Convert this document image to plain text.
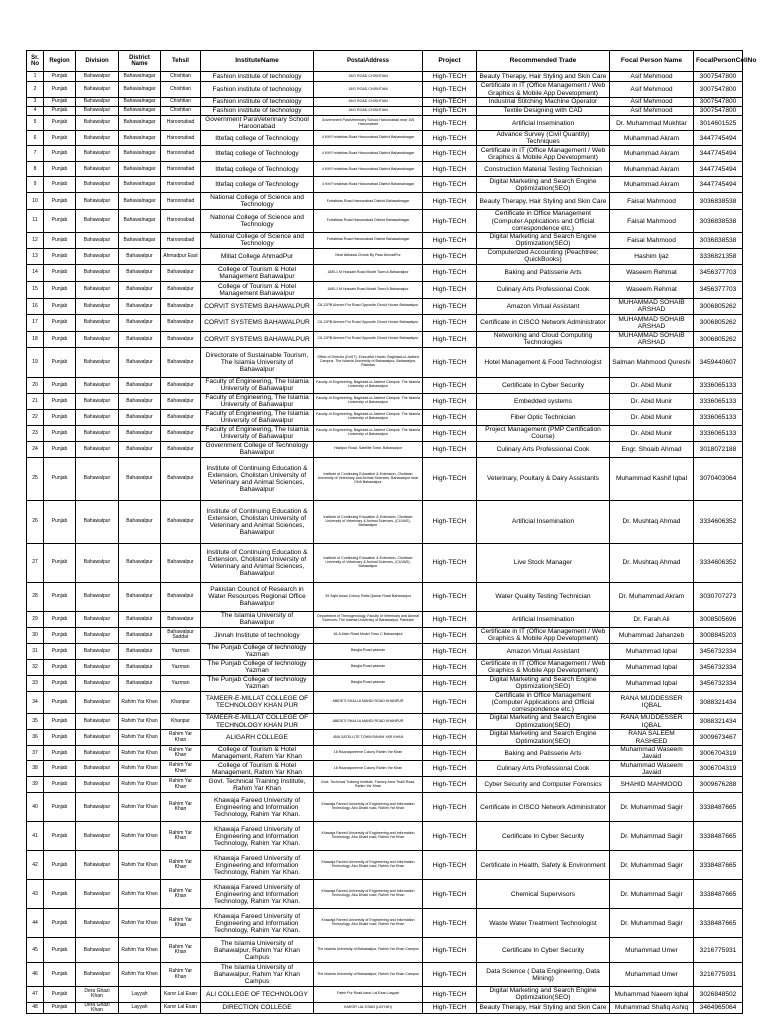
Sr. No	Region	Division	District Name	Tehsil	InstituteName	PostalAddress	Project	Recommended Trade	Focal Person Name	FocalPersonCellNo
1	Punjab	Bahawalpur	Bahawalnagar	Chishtian	Fashion institute of technology	15/G ROAD CHISHTIAN	High-TECH	Beauty Therapy, Hair Styling and Skin Care	Asif Mehmood	3007547800
2	Punjab	Bahawalpur	Bahawalnagar	Chishtian	Fashion institute of technology	15/G ROAD CHISHTIAN	High-TECH	Certificate in IT (Office Management / Web Graphics & Mobile App Development)	Asif Mehmood	3007547800
3	Punjab	Bahawalpur	Bahawalnagar	Chishtian	Fashion institute of technology	15/G ROAD CHISHTIAN	High-TECH	Industrial Stitching Machine Operator	Asif Mehmood	3007547800
4	Punjab	Bahawalpur	Bahawalnagar	Chishtian	Fashion institute of technology	15/G ROAD CHISHTIAN	High-TECH	Textile Designing with CAD	Asif Mehmood	3007547800
5	Punjab	Bahawalpur	Bahawalnagar	Haroonabad	Government ParaVeterinary School Haroonabad	Government ParaVeterinary School Haroonabad near 105 Haroonabad	High-TECH	Artificial Insemination	Dr. Muhammad Mukhtar	3014601525
6	Punjab	Bahawalpur	Bahawalnagar	Haroonabad	Ittefaq college of Technology	4 KM Fortabbas Road Haroonabad District Bahawalnagar	High-TECH	Advance Survey (Civil Quantity) Techniques	Muhammad Akram	3447745494
7	Punjab	Bahawalpur	Bahawalnagar	Haroonabad	Ittefaq college of Technology	4 KM Fortabbas Road Haroonabad District Bahawalnagar	High-TECH	Certificate in IT (Office Management / Web Graphics & Mobile App Development)	Muhammad Akram	3447745494
8	Punjab	Bahawalpur	Bahawalnagar	Haroonabad	Ittefaq college of Technology	4 KM Fortabbas Road Haroonabad District Bahawalnagar	High-TECH	Construction Material Testing Technician	Muhammad Akram	3447745494
9	Punjab	Bahawalpur	Bahawalnagar	Haroonabad	Ittefaq college of Technology	4 KM Fortabbas Road Haroonabad District Bahawalnagar	High-TECH	Digital Marketing and Search Engine Optimization(SEO)	Muhammad Akram	3447745494
10	Punjab	Bahawalpur	Bahawalnagar	Haroonabad	National College of Science and Technology	Fortabbas Road Haroonabad District Bahawalnagar	High-TECH	Beauty Therapy, Hair Styling and Skin Care	Faisal Mahmood	3036838538
11	Punjab	Bahawalpur	Bahawalnagar	Haroonabad	National College of Science and Technology	Fortabbas Road Haroonabad District Bahawalnagar	High-TECH	Certificate in Office Management (Computer Applications and Official correspondence etc.)	Faisal Mahmood	3036838538
12	Punjab	Bahawalpur	Bahawalnagar	Haroonabad	National College of Science and Technology	Fortabbas Road Haroonabad District Bahawalnagar	High-TECH	Digital Marketing and Search Engine Optimization(SEO)	Faisal Mahmood	3036838538
13	Punjab	Bahawalpur	Bahawalpur	Ahmadpur East	Millat College AhmadPur	Near Abbasia Chowk By Pass AhmadPur	High-TECH	Computerized Accounting (Peachtree; QuickBooks)	Hashim Ijaz	3336821358
14	Punjab	Bahawalpur	Bahawalpur	Bahawalpur	College of Tourism & Hotel Management Bahawalpur	18/B-1 M Hussain Road Model Town A Bahawalpur	High-TECH	Baking and Patisserie Arts	Waseem Rehmat	3456377703
15	Punjab	Bahawalpur	Bahawalpur	Bahawalpur	College of Tourism & Hotel Management Bahawalpur	18/B-1 M Hussain Road Model Town A Bahawalpur	High-TECH	Culinary Arts Professional Cook	Waseem Rehmat	3456377703
16	Punjab	Bahawalpur	Bahawalpur	Bahawalpur	CORVIT SYSTEMS BAHAWALPUR	C8-12PB Ahmed Pur Road Opposite Circuit House Bahawalpur	High-TECH	Amazon Virtual Assistant	MUHAMMAD SOHAIB ARSHAD	3006805262
17	Punjab	Bahawalpur	Bahawalpur	Bahawalpur	CORVIT SYSTEMS BAHAWALPUR	C8-12PB Ahmed Pur Road Opposite Circuit House Bahawalpur	High-TECH	Certificate in CISCO Network Administrator	MUHAMMAD SOHAIB ARSHAD	3006805262
18	Punjab	Bahawalpur	Bahawalpur	Bahawalpur	CORVIT SYSTEMS BAHAWALPUR	C8-12PB Ahmed Pur Road Opposite Circuit House Bahawalpur	High-TECH	Networking and Cloud Computing Technologies	MUHAMMAD SOHAIB ARSHAD	3006805262
19	Punjab	Bahawalpur	Bahawalpur	Bahawalpur	Directorate of Sustainable Tourism, The Islamia University of Bahawalpur	Office of Director (DoST), Executive Hostel, Baghdad-ul-Jadeed Campus, The Islamia University of Bahawalpur, Bahawalpur, Pakistan	High-TECH	Hotel Management & Food Technologist	Salman Mahmood Qureshi	3459440607
20	Punjab	Bahawalpur	Bahawalpur	Bahawalpur	Faculty of Engineering, The Islamia University of Bahawalpur	Faculty of Engineering, Baghdad-ul-Jadeed Campus, The Islamia University of Bahawalpur	High-TECH	Certificate In Cyber Security	Dr. Abid Munir	3336065133
21	Punjab	Bahawalpur	Bahawalpur	Bahawalpur	Faculty of Engineering, The Islamia University of Bahawalpur	Faculty of Engineering, Baghdad-ul-Jadeed Campus, The Islamia University of Bahawalpur	High-TECH	Embedded systems	Dr. Abid Munir	3336065133
22	Punjab	Bahawalpur	Bahawalpur	Bahawalpur	Faculty of Engineering, The Islamia University of Bahawalpur	Faculty of Engineering, Baghdad-ul-Jadeed Campus, The Islamia University of Bahawalpur	High-TECH	Fiber Optic Technician	Dr. Abid Munir	3336065133
23	Punjab	Bahawalpur	Bahawalpur	Bahawalpur	Faculty of Engineering, The Islamia University of Bahawalpur	Faculty of Engineering, Baghdad-ul-Jadeed Campus, The Islamia University of Bahawalpur	High-TECH	Project Management (PMP Certification Course)	Dr. Abid Munir	3336065133
24	Punjab	Bahawalpur	Bahawalpur	Bahawalpur	Government College of Technology Bahawalpur	Hasilpur Road, Satellite Town, Bahawalpur	High-TECH	Culinary Arts Professional Cook	Engr. Shoaib Ahmad	3018072188
25	Punjab	Bahawalpur	Bahawalpur	Bahawalpur	Institute of Continuing Education & Extension, Cholistan University of Veterinary and Animal Sciences, Bahawalpur	Institute of Continuing Education & Extension, Cholistan University of Veterinary and Animal Sciences, Bahawalpur near DHA Bahawalpur	High-TECH	Veterinary, Poultary & Dairy Assistants	Muhammad Kashif Iqbal	3070403064
26	Punjab	Bahawalpur	Bahawalpur	Bahawalpur	Institute of Continuing Education & Extension, Cholistan University of Veterinary and Animal Sciences, Bahawalpur	Institute of Continuing Education & Extension, Cholistan University of Veterinary & Animal Sciences, (CUVAS), Bahawalpur	High-TECH	Artificial Insemination	Dr. Mushtaq Ahmad	3334606352
27	Punjab	Bahawalpur	Bahawalpur	Bahawalpur	Institute of Continuing Education & Extension, Cholistan University of Veterinary and Animal Sciences, Bahawalpur	Institute of Continuing Education & Extension, Cholistan University of Veterinary & Animal Sciences, (CUVAS), Bahawalpur	High-TECH	Live Stock Manager	Dr. Mushtaq Ahmad	3334606352
28	Punjab	Bahawalpur	Bahawalpur	Bahawalpur	Pakistan Council of Research in Water Resources Regional Office Bahawalpur	39 Sajid Awan Colony Rafai Qamar Road Bahawalpur	High-TECH	Water Quality Testing Technician	Dr. Muhammad Akram	3030707273
29	Punjab	Bahawalpur	Bahawalpur	Bahawalpur	The Islamia University of Bahawalpur	Department of Theriogenology, Faculty of Veterinary and Animal Sciences, The Islamia University of Bahawalpur, Pakistan	High-TECH	Artificial Insemination	Dr. Farah Ali	3008505696
30	Punjab	Bahawalpur	Bahawalpur	Bahawalpur Saddar	Jinnah Institute of technology	16-A Main Road Model Town C Bahawalpur	High-TECH	Certificate in IT (Office Management / Web Graphics & Mobile App Development)	Muhammad Jahanzeb	3008845203
31	Punjab	Bahawalpur	Bahawalpur	Yazman	The Punjab College of technology Yazman	Bangla Road yazman	High-TECH	Amazon Virtual Assistant	Muhammad Iqbal	3456732334
32	Punjab	Bahawalpur	Bahawalpur	Yazman	The Punjab College of technology Yazman	Bangla Road yazman	High-TECH	Certificate in IT (Office Management / Web Graphics & Mobile App Development)	Muhammad Iqbal	3456732334
33	Punjab	Bahawalpur	Bahawalpur	Yazman	The Punjab College of technology Yazman	Bangla Road yazman	High-TECH	Digital Marketing and Search Engine Optimization(SEO)	Muhammad Iqbal	3456732334
34	Punjab	Bahawalpur	Rahim Yar Khan	Khanpur	TAMEER-E-MILLAT COLLEGE OF TECHNOLOGY KHAN PUR	ABIDE'S SHALLA MANDI ROAD KHANPUR	High-TECH	Certificate in Office Management (Computer Applications and Official correspondence etc.)	RANA MUDDESSER IQBAL	3088321434
35	Punjab	Bahawalpur	Rahim Yar Khan	Khanpur	TAMEER-E-MILLAT COLLEGE OF TECHNOLOGY KHAN PUR	ABIDE'S SHALLA MANDI ROAD KHANPUR	High-TECH	Digital Marketing and Search Engine Optimization(SEO)	RANA MUDDESSER IQBAL	3088321434
36	Punjab	Bahawalpur	Rahim Yar Khan	Rahim Yar Khan	ALIGARH COLLEGE	45/A SATELLITE TOWN RAHIM YAR KHAN	High-TECH	Digital Marketing and Search Engine Optimization(SEO)	RANA SALEEM RASHEED	3009673467
37	Punjab	Bahawalpur	Rahim Yar Khan	Rahim Yar Khan	College of Tourism & Hotel Management, Rahim Yar Khan	18 Razzaqueeene Colony Rahim Yar Khan	High-TECH	Baking and Patisserie Arts	Muhammad Waseem Javaid	3006704319
38	Punjab	Bahawalpur	Rahim Yar Khan	Rahim Yar Khan	College of Tourism & Hotel Management, Rahim Yar Khan	18 Razzaqueeene Colony Rahim Yar Khan	High-TECH	Culinary Arts Professional Cook	Muhammad Waseem Javaid	3006704319
39	Punjab	Bahawalpur	Rahim Yar Khan	Rahim Yar Khan	Govt. Technical Training Institute, Rahim Yar Khan	Govt. Technical Training Institute, Factory Area Thalli Road, Rahim Yar Khan	High-TECH	Cyber Security and Computer Forensics	SHAHID MAHMOOD	3009676288
40	Punjab	Bahawalpur	Rahim Yar Khan	Rahim Yar Khan	Khawaja Fareed University of Engineering and Information Technology, Rahim Yar Khan.	Khawaja Fareed University of Engineering and Information Technology, Abu Dhabi road, Rahim Yar Khan	High-TECH	Certificate in CISCO Network Administrator	Dr. Muhammad Sagir	3338487665
41	Punjab	Bahawalpur	Rahim Yar Khan	Rahim Yar Khan	Khawaja Fareed University of Engineering and Information Technology, Rahim Yar Khan.	Khawaja Fareed University of Engineering and Information Technology, Abu Dhabi road, Rahim Yar Khan	High-TECH	Certificate In Cyber Security	Dr. Muhammad Sagir	3338487665
42	Punjab	Bahawalpur	Rahim Yar Khan	Rahim Yar Khan	Khawaja Fareed University of Engineering and Information Technology, Rahim Yar Khan.	Khawaja Fareed University of Engineering and Information Technology, Abu Dhabi road, Rahim Yar Khan	High-TECH	Certificate in Health, Safety & Environment	Dr. Muhammad Sagir	3338487665
43	Punjab	Bahawalpur	Rahim Yar Khan	Rahim Yar Khan	Khawaja Fareed University of Engineering and Information Technology, Rahim Yar Khan.	Khawaja Fareed University of Engineering and Information Technology, Abu Dhabi road, Rahim Yar Khan	High-TECH	Chemical Supervisors	Dr. Muhammad Sagir	3338487665
44	Punjab	Bahawalpur	Rahim Yar Khan	Rahim Yar Khan	Khawaja Fareed University of Engineering and Information Technology, Rahim Yar Khan.	Khawaja Fareed University of Engineering and Information Technology, Abu Dhabi road, Rahim Yar Khan	High-TECH	Waste Water Treatment Technologist	Dr. Muhammad Sagir	3338487665
45	Punjab	Bahawalpur	Rahim Yar Khan	Rahim Yar Khan	The Islamia University of Bahawalpur, Rahim Yar Khan Campus	The Islamia University of Bahawalpur, Rahim Yar Khan Campus	High-TECH	Certificate In Cyber Security	Muhammad Umer	3216775931
46	Punjab	Bahawalpur	Rahim Yar Khan	Rahim Yar Khan	The Islamia University of Bahawalpur, Rahim Yar Khan Campus	The Islamia University of Bahawalpur, Rahim Yar Khan Campus	High-TECH	Data Science ( Data Engineering, Data Mining)	Muhammad Umer	3216775931
47	Punjab	Dera Ghazi Khan	Layyah	Karor Lal Esan	ALI COLLEGE OF TECHNOLOGY	Fateh Pur Road karor Lal Esan Layyah	High-TECH	Digital Marketing and Search Engine Optimization(SEO)	Muhammad Naeem Iqbal	3026848502
48	Punjab	Dera Ghazi Khan	Layyah	Karor Lal Esan	DIRECTION COLLEGE	KAROR LAL ESAN (LAYYAH)	High-TECH	Beauty Therapy, Hair Styling and Skin Care	Muhammad Shafiq Ashiq	3464965064
